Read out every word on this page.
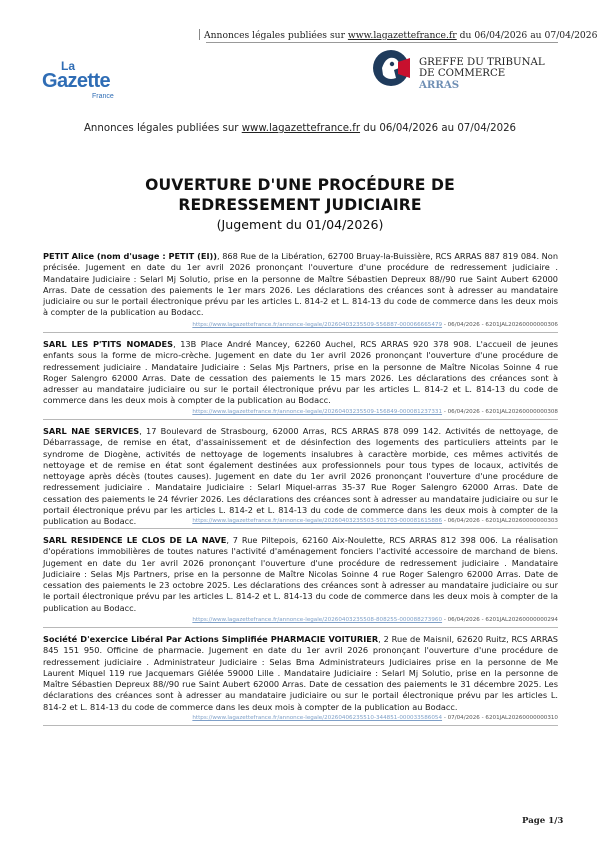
Annonces légales publiées sur www.lagazettefrance.fr du 06/04/2026 au 07/04/2026
La
Gazette
France
GREFFE DU TRIBUNAL
DE COMMERCE
ARRAS
Annonces légales publiées sur www.lagazettefrance.fr du 06/04/2026 au 07/04/2026
OUVERTURE D'UNE PROCÉDURE DE REDRESSEMENT JUDICIAIRE
(Jugement du 01/04/2026)
PETIT Alice (nom d'usage : PETIT (EI)), 868 Rue de la Libération, 62700 Bruay-la-Buissière, RCS ARRAS 887 819 084. Non précisée. Jugement en date du 1er avril 2026 prononçant l'ouverture d'une procédure de redressement judiciaire . Mandataire Judiciaire : Selarl Mj Solutio, prise en la personne de Maître Sébastien Depreux 88//90 rue Saint Aubert 62000 Arras. Date de cessation des paiements le 1er mars 2026. Les déclarations des créances sont à adresser au mandataire judiciaire ou sur le portail électronique prévu par les articles L. 814-2 et L. 814-13 du code de commerce dans les deux mois à compter de la publication au Bodacc.
https://www.lagazettefrance.fr/annonce-legale/20260403235509-556887-000066665479 - 06/04/2026 - 6201JAL20260000000306
SARL LES P'TITS NOMADES, 13B Place André Mancey, 62260 Auchel, RCS ARRAS 920 378 908. L'accueil de jeunes enfants sous la forme de micro-crèche. Jugement en date du 1er avril 2026 prononçant l'ouverture d'une procédure de redressement judiciaire . Mandataire Judiciaire : Selas Mjs Partners, prise en la personne de Maître Nicolas Soinne 4 rue Roger Salengro 62000 Arras. Date de cessation des paiements le 15 mars 2026. Les déclarations des créances sont à adresser au mandataire judiciaire ou sur le portail électronique prévu par les articles L. 814-2 et L. 814-13 du code de commerce dans les deux mois à compter de la publication au Bodacc.
https://www.lagazettefrance.fr/annonce-legale/20260403235509-156849-000081237331 - 06/04/2026 - 6201JAL20260000000308
SARL NAE SERVICES, 17 Boulevard de Strasbourg, 62000 Arras, RCS ARRAS 878 099 142. Activités de nettoyage, de Débarrassage, de remise en état, d'assainissement et de désinfection des logements des particuliers atteints par le syndrome de Diogène, activités de nettoyage de logements insalubres à caractère morbide, ces mêmes activités de nettoyage et de remise en état sont également destinées aux professionnels pour tous types de locaux, activités de nettoyage après décès (toutes causes). Jugement en date du 1er avril 2026 prononçant l'ouverture d'une procédure de redressement judiciaire . Mandataire Judiciaire : Selarl Miquel-arras 35-37 Rue Roger Salengro 62000 Arras. Date de cessation des paiements le 24 février 2026. Les déclarations des créances sont à adresser au mandataire judiciaire ou sur le portail électronique prévu par les articles L. 814-2 et L. 814-13 du code de commerce dans les deux mois à compter de la publication au Bodacc.	https://www.lagazettefrance.fr/annonce-legale/20260403235503-501703-000081615886 - 06/04/2026 - 6201JAL20260000000303
SARL RESIDENCE LE CLOS DE LA NAVE, 7 Rue Piltepois, 62160 Aix-Noulette, RCS ARRAS 812 398 006. La réalisation d'opérations immobilières de toutes natures l'activité d'aménagement fonciers l'activité accessoire de marchand de biens. Jugement en date du 1er avril 2026 prononçant l'ouverture d'une procédure de redressement judiciaire . Mandataire Judiciaire : Selas Mjs Partners, prise en la personne de Maître Nicolas Soinne 4 rue Roger Salengro 62000 Arras. Date de cessation des paiements le 23 octobre 2025. Les déclarations des créances sont à adresser au mandataire judiciaire ou sur le portail électronique prévu par les articles L. 814-2 et L. 814-13 du code de commerce dans les deux mois à compter de la publication au Bodacc.
https://www.lagazettefrance.fr/annonce-legale/20260403235508-808255-000088273960 - 06/04/2026 - 6201JAL20260000000294
Société D'exercice Libéral Par Actions Simplifiée PHARMACIE VOITURIER, 2 Rue de Maisnil, 62620 Ruitz, RCS ARRAS 845 151 950. Officine de pharmacie. Jugement en date du 1er avril 2026 prononçant l'ouverture d'une procédure de redressement judiciaire . Administrateur Judiciaire : Selas Bma Administrateurs Judiciaires prise en la personne de Me Laurent Miquel 119 rue Jacquemars Giélée 59000 Lille . Mandataire Judiciaire : Selarl Mj Solutio, prise en la personne de Maître Sébastien Depreux 88//90 rue Saint Aubert 62000 Arras. Date de cessation des paiements le 31 décembre 2025. Les déclarations des créances sont à adresser au mandataire judiciaire ou sur le portail électronique prévu par les articles L. 814-2 et L. 814-13 du code de commerce dans les deux mois à compter de la publication au Bodacc.
https://www.lagazettefrance.fr/annonce-legale/20260406235510-344851-000033586054 - 07/04/2026 - 6201JAL20260000000310
Page 1/3
